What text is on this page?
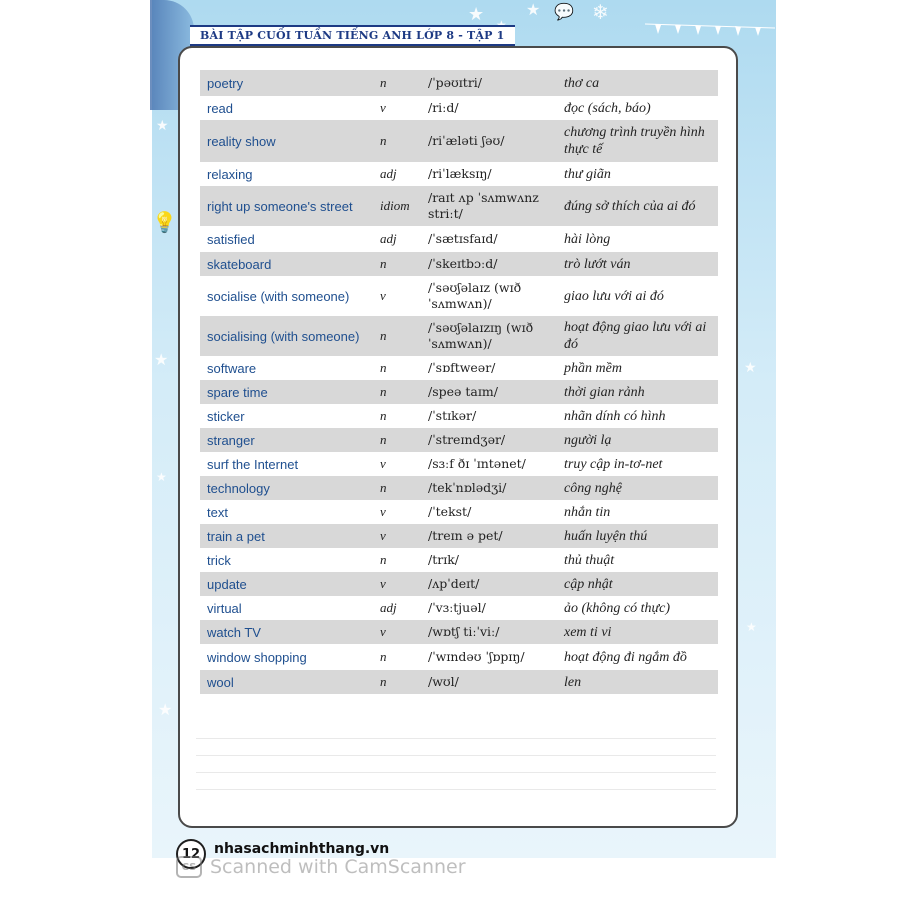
★	★	❄
💬
★
💡
★
★
★
★
★
BÀI TẬP CUỐI TUẦN TIẾNG ANH LỚP 8 - TẬP 1
poetry	n	/ˈpəʊɪtri/	thơ ca
read	v	/riːd/	đọc (sách, báo)
reality show	n	/riˈæləti ʃəʊ/	chương trình truyền hình thực tế
relaxing	adj	/riˈlæksɪŋ/	thư giãn
right up someone's street	idiom	/raɪt ʌp ˈsʌmwʌnz striːt/	đúng sở thích của ai đó
satisfied	adj	/ˈsætɪsfaɪd/	hài lòng
skateboard	n	/ˈskeɪtbɔːd/	trò lướt ván
socialise (with someone)	v	/ˈsəʊʃəlaɪz (wɪð ˈsʌmwʌn)/	giao lưu với ai đó
socialising (with someone)	n	/ˈsəʊʃəlaɪzɪŋ (wɪð ˈsʌmwʌn)/	hoạt động giao lưu với ai đó
software	n	/ˈsɒftweər/	phần mềm
spare time	n	/speə taɪm/	thời gian rảnh
sticker	n	/ˈstɪkər/	nhãn dính có hình
stranger	n	/ˈstreɪndʒər/	người lạ
surf the Internet	v	/sɜːf ðɪ ˈɪntənet/	truy cập in-tơ-net
technology	n	/tekˈnɒlədʒi/	công nghệ
text	v	/ˈtekst/	nhắn tin
train a pet	v	/treɪn ə pet/	huấn luyện thú
trick	n	/trɪk/	thủ thuật
update	v	/ʌpˈdeɪt/	cập nhật
virtual	adj	/ˈvɜːtjuəl/	ảo (không có thực)
watch TV	v	/wɒtʃ tiːˈviː/	xem ti vi
window shopping	n	/ˈwɪndəʊ ˈʃɒpɪŋ/	hoạt động đi ngắm đồ
wool	n	/wʊl/	len
12 nhasachminhthang.vn
CS Scanned with CamScanner
